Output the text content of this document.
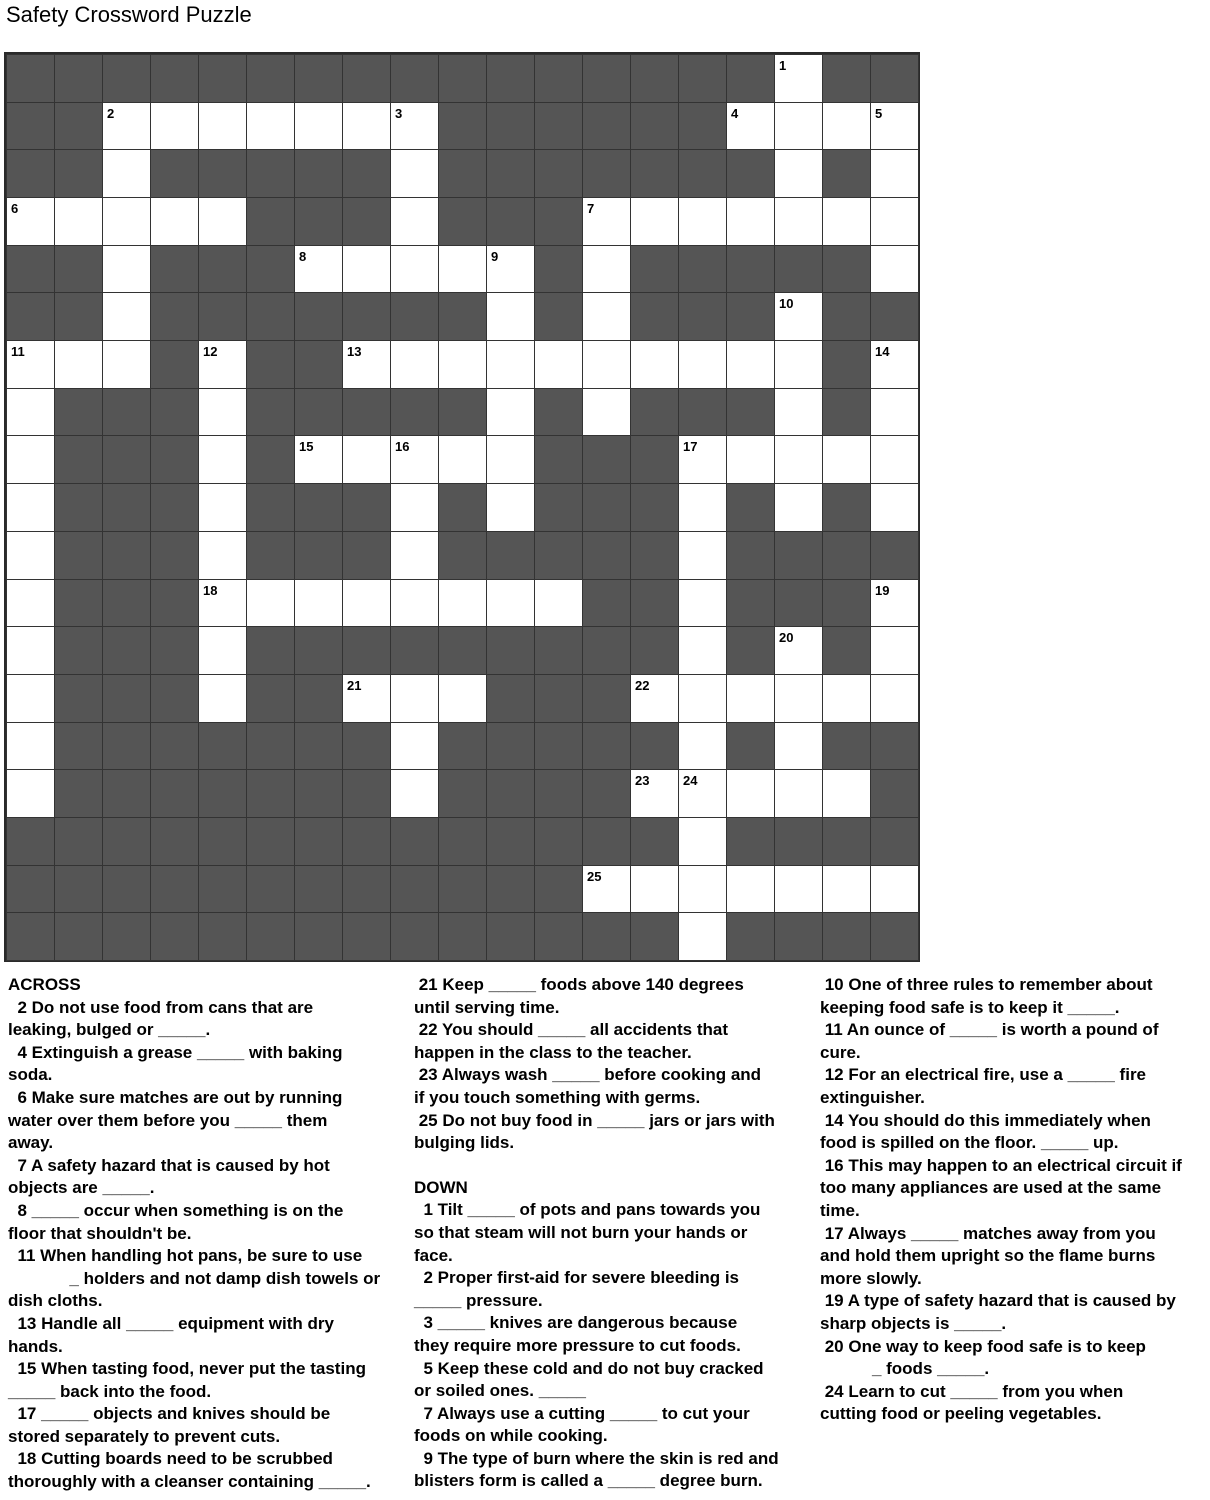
Safety Crossword Puzzle
1
2	3	4	5
6	7
8	9
10
11	12	13	14
15	16	17
18	19
20
21	22
23	24
25

ACROSS

2 Do not use food from cans that are

leaking, bulged or _____.

4 Extinguish a grease _____ with baking

soda.

6 Make sure matches are out by running

water over them before you _____ them

away.

7 A safety hazard that is caused by hot

objects are _____.

8 _____ occur when something is on the

floor that shouldn't be.

11 When handling hot pans, be sure to use

_ holders and not damp dish towels or

dish cloths.

13 Handle all _____ equipment with dry

hands.

15 When tasting food, never put the tasting

_____ back into the food.

17 _____ objects and knives should be

stored separately to prevent cuts.

18 Cutting boards need to be scrubbed

thoroughly with a cleanser containing _____.

21 Keep _____ foods above 140 degrees

until serving time.

22 You should _____ all accidents that

happen in the class to the teacher.

23 Always wash _____ before cooking and

if you touch something with germs.

25 Do not buy food in _____ jars or jars with

bulging lids.

DOWN

1 Tilt _____ of pots and pans towards you

so that steam will not burn your hands or

face.

2 Proper first-aid for severe bleeding is

_____ pressure.

3 _____ knives are dangerous because

they require more pressure to cut foods.

5 Keep these cold and do not buy cracked

or soiled ones. _____

7 Always use a cutting _____ to cut your

foods on while cooking.

9 The type of burn where the skin is red and

blisters form is called a _____ degree burn.

10 One of three rules to remember about

keeping food safe is to keep it _____.

11 An ounce of _____ is worth a pound of

cure.

12 For an electrical fire, use a _____ fire

extinguisher.

14 You should do this immediately when

food is spilled on the floor. _____ up.

16 This may happen to an electrical circuit if

too many appliances are used at the same

time.

17 Always _____ matches away from you

and hold them upright so the flame burns

more slowly.

19 A type of safety hazard that is caused by

sharp objects is _____.

20 One way to keep food safe is to keep

_ foods _____.

24 Learn to cut _____ from you when

cutting food or peeling vegetables.
